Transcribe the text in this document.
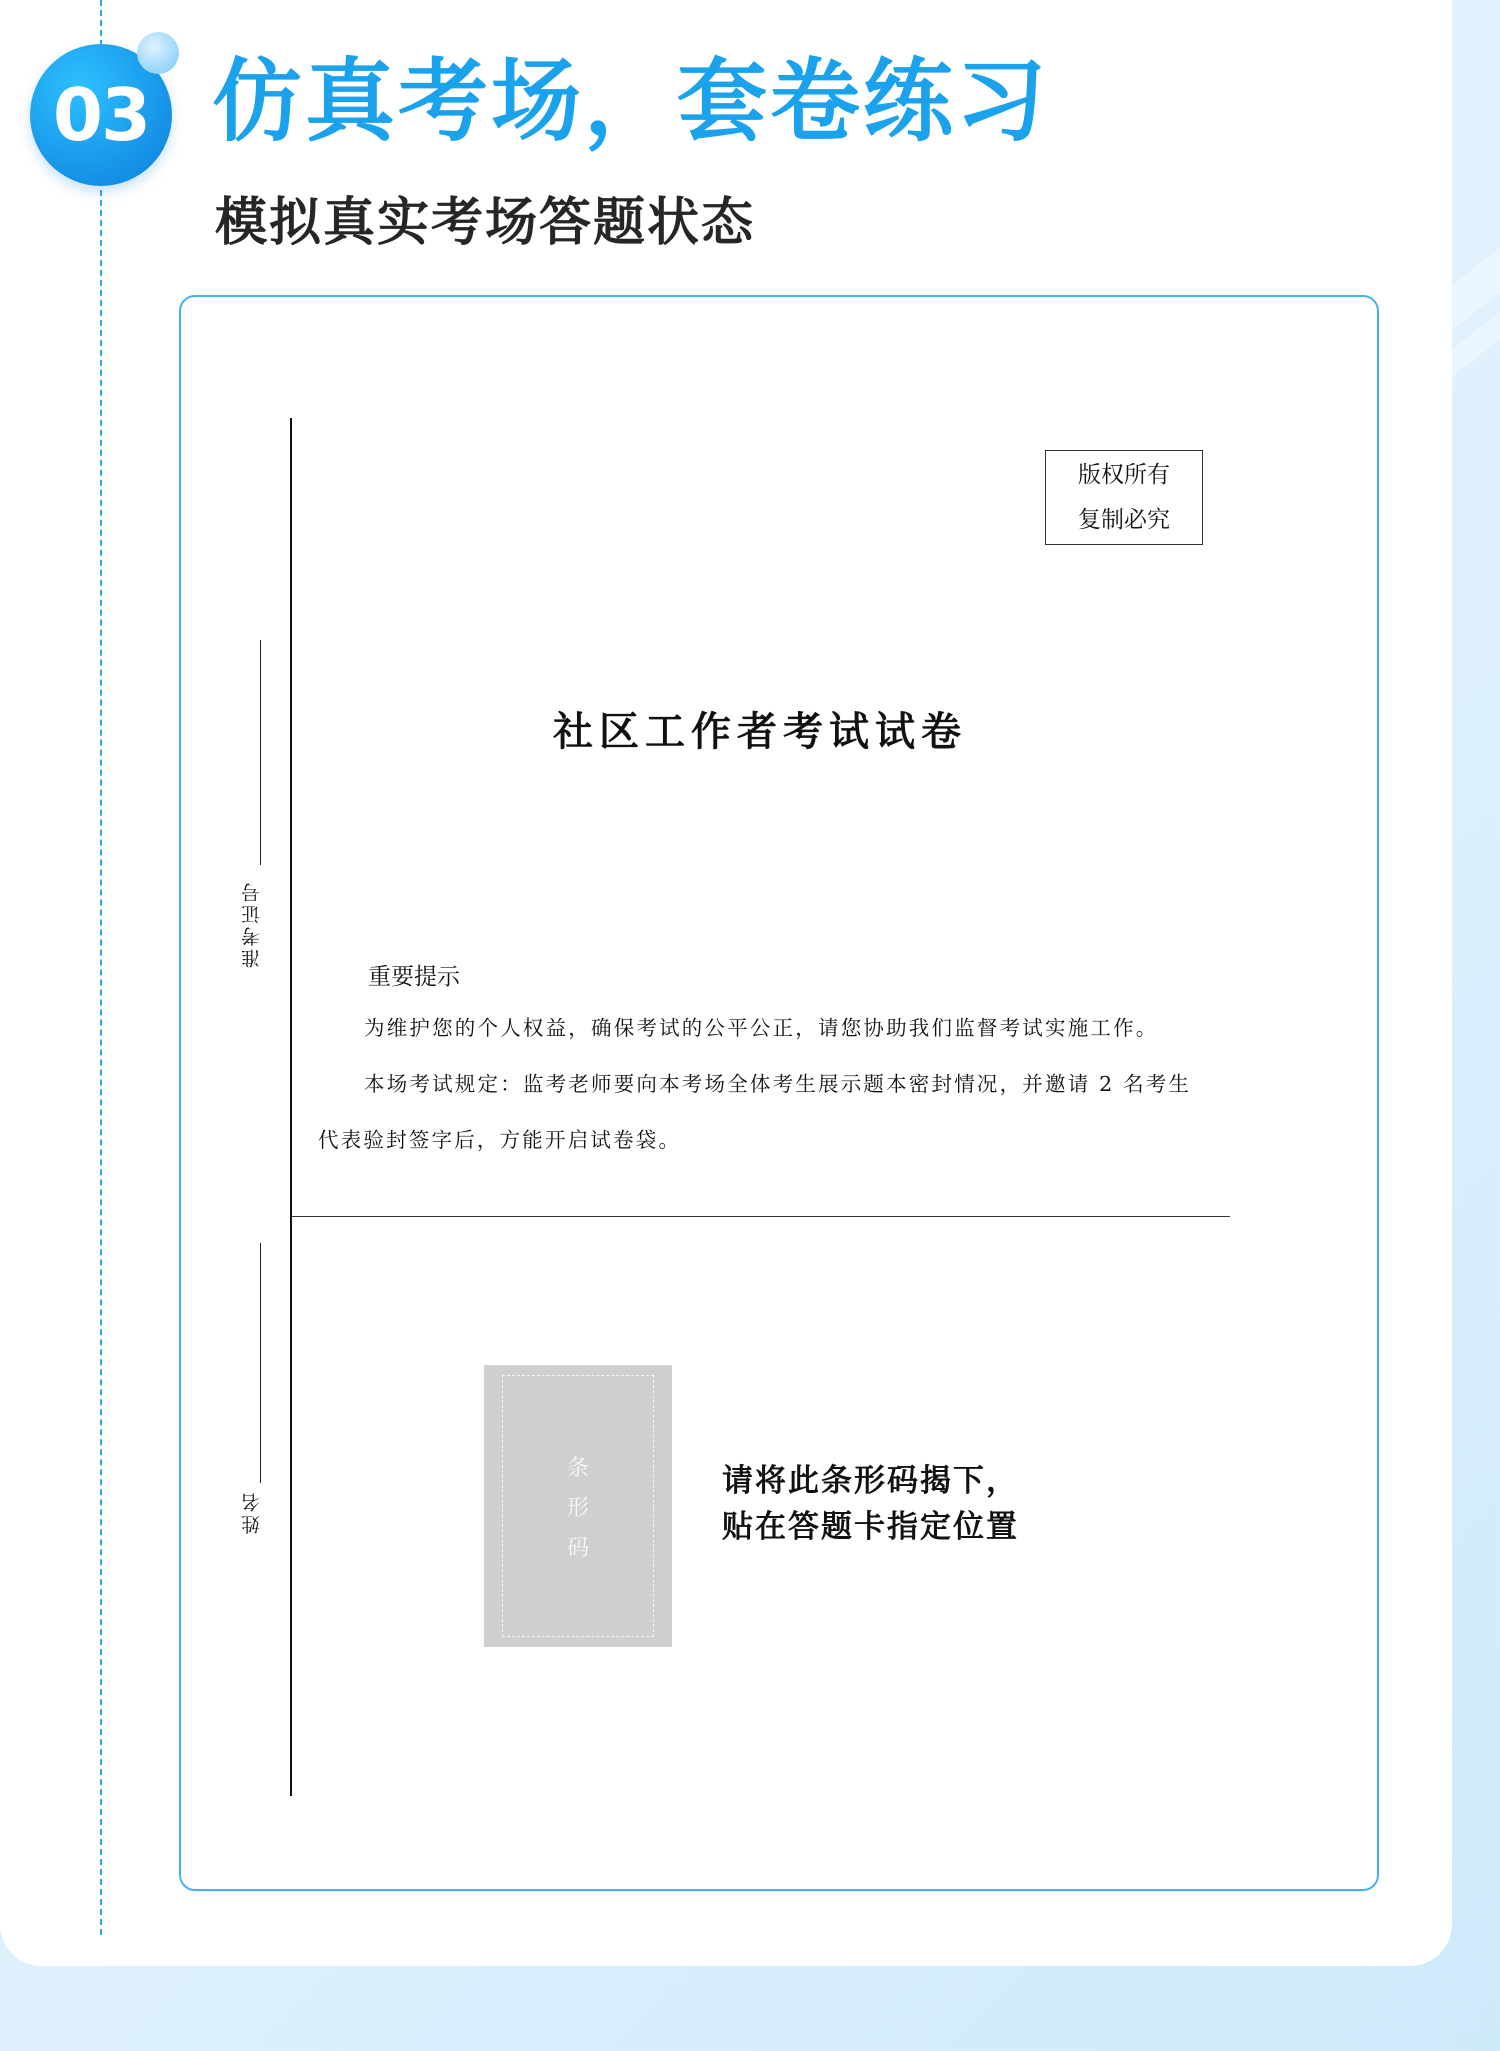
03 仿真考场，套卷练习
模拟真实考场答题状态
准考证号
姓名
版权所有
复制必究
社区工作者考试试卷
重要提示
为维护您的个人权益，确保考试的公平公正，请您协助我们监督考试实施工作。
本场考试规定：监考老师要向本考场全体考生展示题本密封情况，并邀请 2 名考生代表验封签字后，方能开启试卷袋。
条
形
码
请将此条形码揭下，
贴在答题卡指定位置
